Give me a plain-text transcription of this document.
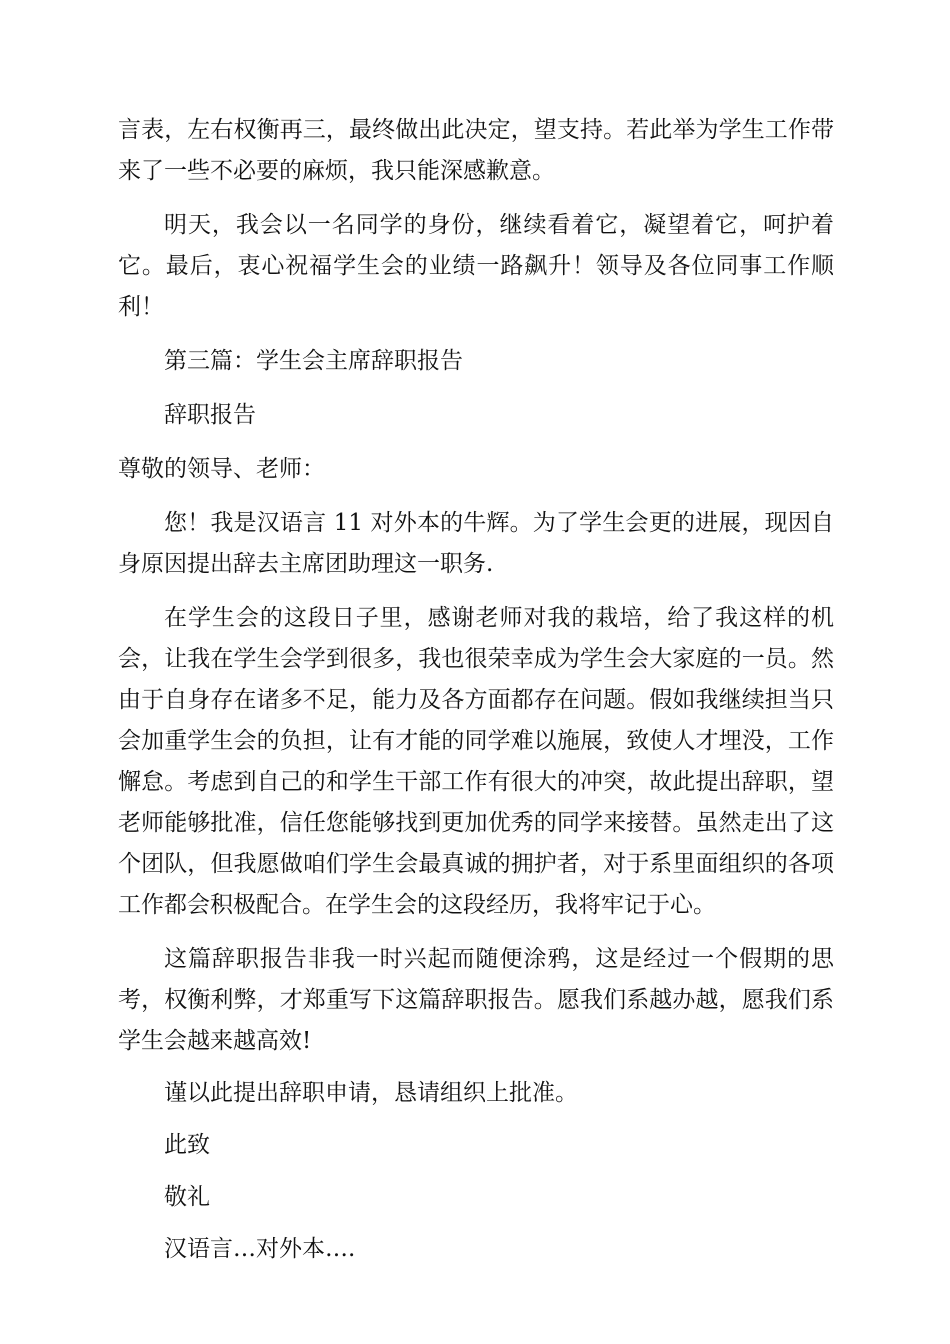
言表，左右权衡再三，最终做出此决定，望支持。若此举为学生工作带来了一些不必要的麻烦，我只能深感歉意。

明天，我会以一名同学的身份，继续看着它，凝望着它，呵护着它。最后，衷心祝福学生会的业绩一路飙升！领导及各位同事工作顺利！

第三篇：学生会主席辞职报告

辞职报告

尊敬的领导、老师：

您！我是汉语言 11 对外本的牛辉。为了学生会更的进展，现因自身原因提出辞去主席团助理这一职务.

在学生会的这段日子里，感谢老师对我的栽培，给了我这样的机会，让我在学生会学到很多，我也很荣幸成为学生会大家庭的一员。然由于自身存在诸多不足，能力及各方面都存在问题。假如我继续担当只会加重学生会的负担，让有才能的同学难以施展，致使人才埋没，工作懈怠。考虑到自己的和学生干部工作有很大的冲突，故此提出辞职，望老师能够批准，信任您能够找到更加优秀的同学来接替。虽然走出了这个团队，但我愿做咱们学生会最真诚的拥护者，对于系里面组织的各项工作都会积极配合。在学生会的这段经历，我将牢记于心。

这篇辞职报告非我一时兴起而随便涂鸦，这是经过一个假期的思考，权衡利弊，才郑重写下这篇辞职报告。愿我们系越办越，愿我们系学生会越来越高效!

谨以此提出辞职申请，恳请组织上批准。

此致

敬礼

汉语言…对外本….
